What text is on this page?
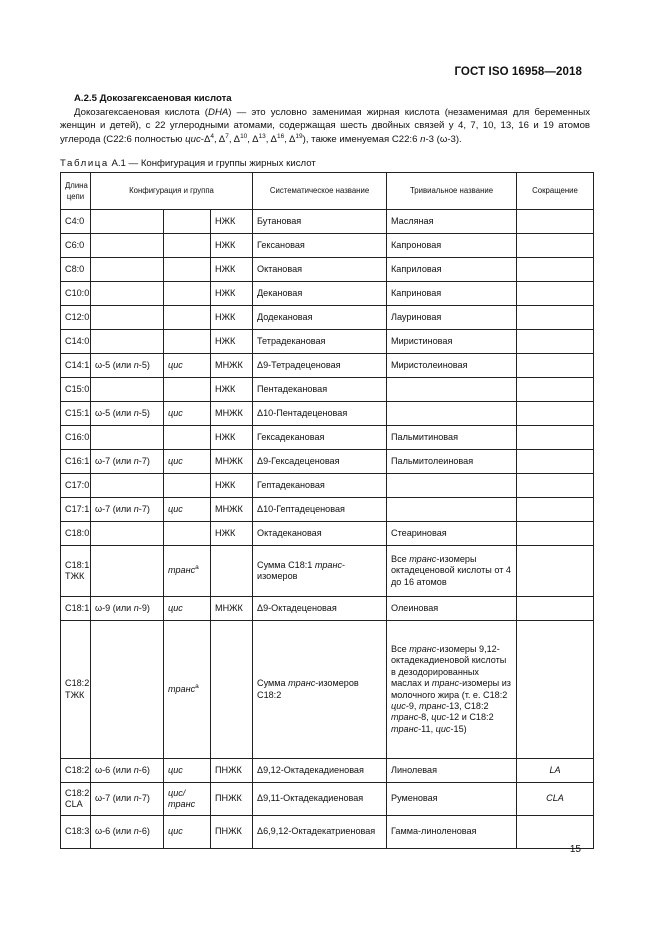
ГОСТ ISO 16958—2018
А.2.5 Докозагексаеновая кислота

Докозагексаеновая кислота (DHA) — это условно заменимая жирная кислота (незаменимая для беременных женщин и детей), с 22 углеродными атомами, содержащая шесть двойных связей у 4, 7, 10, 13, 16 и 19 атомов углерода (С22:6 полностью цис-$\Delta^4$, $\Delta^7$, $\Delta^{10}$, $\Delta^{13}$, $\Delta^{16}$, $\Delta^{19}$), также именуемая С22:6 n-3 (ω-3).

Таблица А.1 — Конфигурация и группы жирных кислот
Длина цепи	Конфигурация и группа			Систематическое название	Тривиальное название	Сокращение
С4:0			НЖК	Бутановая	Масляная	
С6:0			НЖК	Гексановая	Капроновая	
С8:0			НЖК	Октановая	Каприловая	
С10:0			НЖК	Декановая	Каприновая	
С12:0			НЖК	Додекановая	Лауриновая	
С14:0			НЖК	Тетрадекановая	Миристиновая	
С14:1	ω-5 (или n-5)	цис	МНЖК	Δ9-Тетрадеценовая	Миристолеиновая	
С15:0			НЖК	Пентадекановая		
С15:1	ω-5 (или n-5)	цис	МНЖК	Δ10-Пентадеценовая		
С16:0			НЖК	Гексадекановая	Пальмитиновая	
С16:1	ω-7 (или n-7)	цис	МНЖК	Δ9-Гексадеценовая	Пальмитолеиновая	
С17:0			НЖК	Гептадекановая		
С17:1	ω-7 (или n-7)	цис	МНЖК	Δ10-Гептадеценовая		
С18:0			НЖК	Октадекановая	Стеариновая	
С18:1
ТЖК		транс$^а$		Сумма С18:1 транс-изомеров	Все транс-изомеры октадеценовой кислоты от 4 до 16 атомов	
С18:1	ω-9 (или n-9)	цис	МНЖК	Δ9-Октадеценовая	Олеиновая	
С18:2
ТЖК		транс$^а$		Сумма транс-изомеров С18:2	Все транс-изомеры 9,12-октадекадиеновой кислоты в дезодорированных маслах и транс-изомеры из молочного жира (т. е. С18:2 цис-9, транс-13, С18:2 транс-8, цис-12 и С18:2 транс-11, цис-15)	
С18:2	ω-6 (или n-6)	цис	ПНЖК	Δ9,12-Октадекадиеновая	Линолевая	LA
С18:2
CLA	ω-7 (или n-7)	цис/ транс	ПНЖК	Δ9,11-Октадекадиеновая	Руменовая	CLA
С18:3	ω-6 (или n-6)	цис	ПНЖК	Δ6,9,12-Октадекатриеновая	Гамма-линоленовая	
15
